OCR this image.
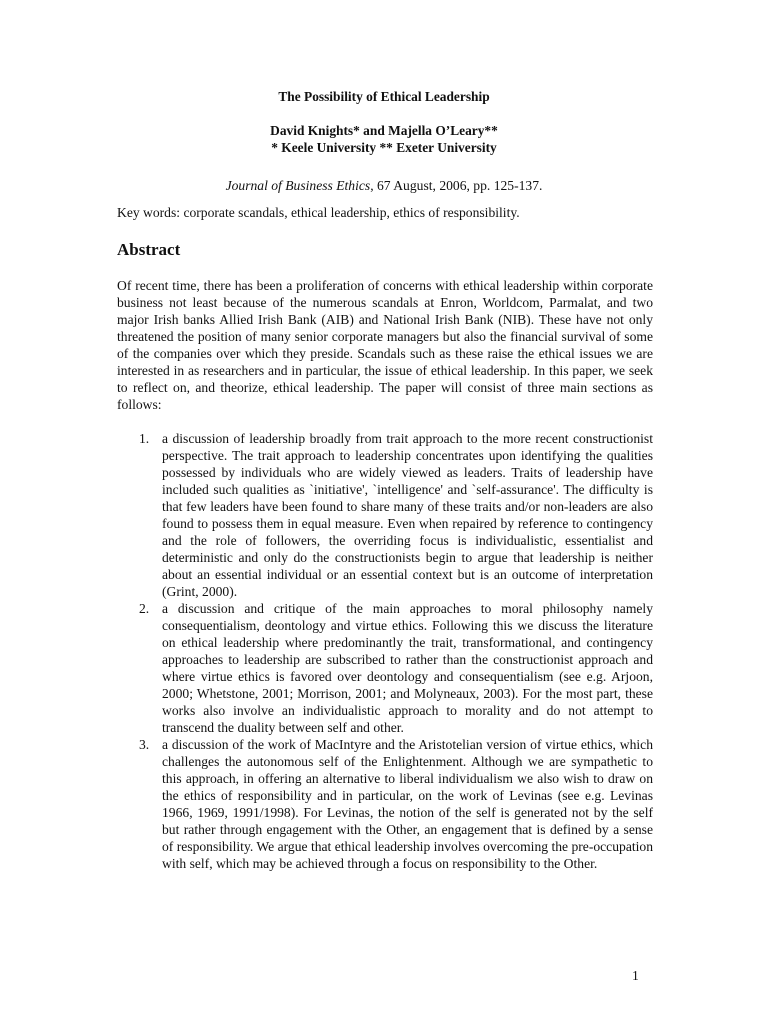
The Possibility of Ethical Leadership
David Knights* and Majella O’Leary**
* Keele University ** Exeter University
Journal of Business Ethics, 67 August, 2006, pp. 125-137.
Key words: corporate scandals, ethical leadership, ethics of responsibility.
Abstract

Of recent time, there has been a proliferation of concerns with ethical leadership within corporate business not least because of the numerous scandals at Enron, Worldcom, Parmalat, and two major Irish banks Allied Irish Bank (AIB) and National Irish Bank (NIB). These have not only threatened the position of many senior corporate managers but also the financial survival of some of the companies over which they preside. Scandals such as these raise the ethical issues we are interested in as researchers and in particular, the issue of ethical leadership. In this paper, we seek to reflect on, and theorize, ethical leadership. The paper will consist of three main sections as follows:

1. a discussion of leadership broadly from trait approach to the more recent constructionist perspective. The trait approach to leadership concentrates upon identifying the qualities possessed by individuals who are widely viewed as leaders. Traits of leadership have included such qualities as `initiative', `intelligence' and `self-assurance'. The difficulty is that few leaders have been found to share many of these traits and/or non-leaders are also found to possess them in equal measure. Even when repaired by reference to contingency and the role of followers, the overriding focus is individualistic, essentialist and deterministic and only do the constructionists begin to argue that leadership is neither about an essential individual or an essential context but is an outcome of interpretation (Grint, 2000).
2. a discussion and critique of the main approaches to moral philosophy namely consequentialism, deontology and virtue ethics. Following this we discuss the literature on ethical leadership where predominantly the trait, transformational, and contingency approaches to leadership are subscribed to rather than the constructionist approach and where virtue ethics is favored over deontology and consequentialism (see e.g. Arjoon, 2000; Whetstone, 2001; Morrison, 2001; and Molyneaux, 2003). For the most part, these works also involve an individualistic approach to morality and do not attempt to transcend the duality between self and other.
3. a discussion of the work of MacIntyre and the Aristotelian version of virtue ethics, which challenges the autonomous self of the Enlightenment. Although we are sympathetic to this approach, in offering an alternative to liberal individualism we also wish to draw on the ethics of responsibility and in particular, on the work of Levinas (see e.g. Levinas 1966, 1969, 1991/1998). For Levinas, the notion of the self is generated not by the self but rather through engagement with the Other, an engagement that is defined by a sense of responsibility. We argue that ethical leadership involves overcoming the pre-occupation with self, which may be achieved through a focus on responsibility to the Other.
1
